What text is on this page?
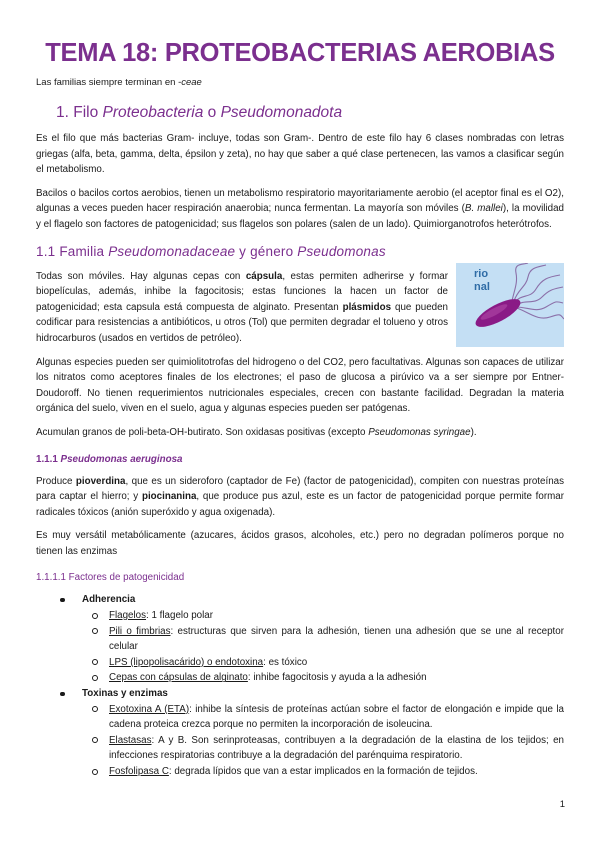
TEMA 18: PROTEOBACTERIAS AEROBIAS
Las familias siempre terminan en -ceae
1. Filo Proteobacteria o Pseudomonadota

Es el filo que más bacterias Gram- incluye, todas son Gram-. Dentro de este filo hay 6 clases nombradas con letras griegas (alfa, beta, gamma, delta, épsilon y zeta), no hay que saber a qué clase pertenecen, las vamos a clasificar según el metabolismo.

Bacilos o bacilos cortos aerobios, tienen un metabolismo respiratorio mayoritariamente aerobio (el aceptor final es el O2), algunas a veces pueden hacer respiración anaerobia; nunca fermentan. La mayoría son móviles (B. mallei), la movilidad y el flagelo son factores de patogenicidad; sus flagelos son polares (salen de un lado). Quimiorganotrofos heterótrofos.

1.1 Familia Pseudomonadaceae y género Pseudomonas
rio
nal

Todas son móviles. Hay algunas cepas con cápsula, estas permiten adherirse y formar biopelículas, además, inhibe la fagocitosis; estas funciones la hacen un factor de patogenicidad; esta capsula está compuesta de alginato. Presentan plásmidos que pueden codificar para resistencias a antibióticos, u otros (Tol) que permiten degradar el tolueno y otros hidrocarburos (usados en vertidos de petróleo).

Algunas especies pueden ser quimiolitotrofas del hidrogeno o del CO2, pero facultativas. Algunas son capaces de utilizar los nitratos como aceptores finales de los electrones; el paso de glucosa a pirúvico va a ser siempre por Entner-Doudoroff. No tienen requerimientos nutricionales especiales, crecen con bastante facilidad. Degradan la materia orgánica del suelo, viven en el suelo, agua y algunas especies pueden ser patógenas.

Acumulan granos de poli-beta-OH-butirato. Son oxidasas positivas (excepto Pseudomonas syringae).

1.1.1 Pseudomonas aeruginosa

Produce pioverdina, que es un sideroforo (captador de Fe) (factor de patogenicidad), compiten con nuestras proteínas para captar el hierro; y piocinanina, que produce pus azul, este es un factor de patogenicidad porque permite formar radicales tóxicos (anión superóxido y agua oxigenada).

Es muy versátil metabólicamente (azucares, ácidos grasos, alcoholes, etc.) pero no degradan polímeros porque no tienen las enzimas

1.1.1.1 Factores de patogenicidad
Adherencia
Flagelos: 1 flagelo polar
Pili o fimbrias: estructuras que sirven para la adhesión, tienen una adhesión que se une al receptor celular
LPS (lipopolisacárido) o endotoxina: es tóxico
Cepas con cápsulas de alginato: inhibe fagocitosis y ayuda a la adhesión
Toxinas y enzimas
Exotoxina A (ETA): inhibe la síntesis de proteínas actúan sobre el factor de elongación e impide que la cadena proteica crezca porque no permiten la incorporación de isoleucina.
Elastasas: A y B. Son serinproteasas, contribuyen a la degradación de la elastina de los tejidos; en infecciones respiratorias contribuye a la degradación del parénquima respiratorio.
Fosfolipasa C: degrada lípidos que van a estar implicados en la formación de tejidos.
1
